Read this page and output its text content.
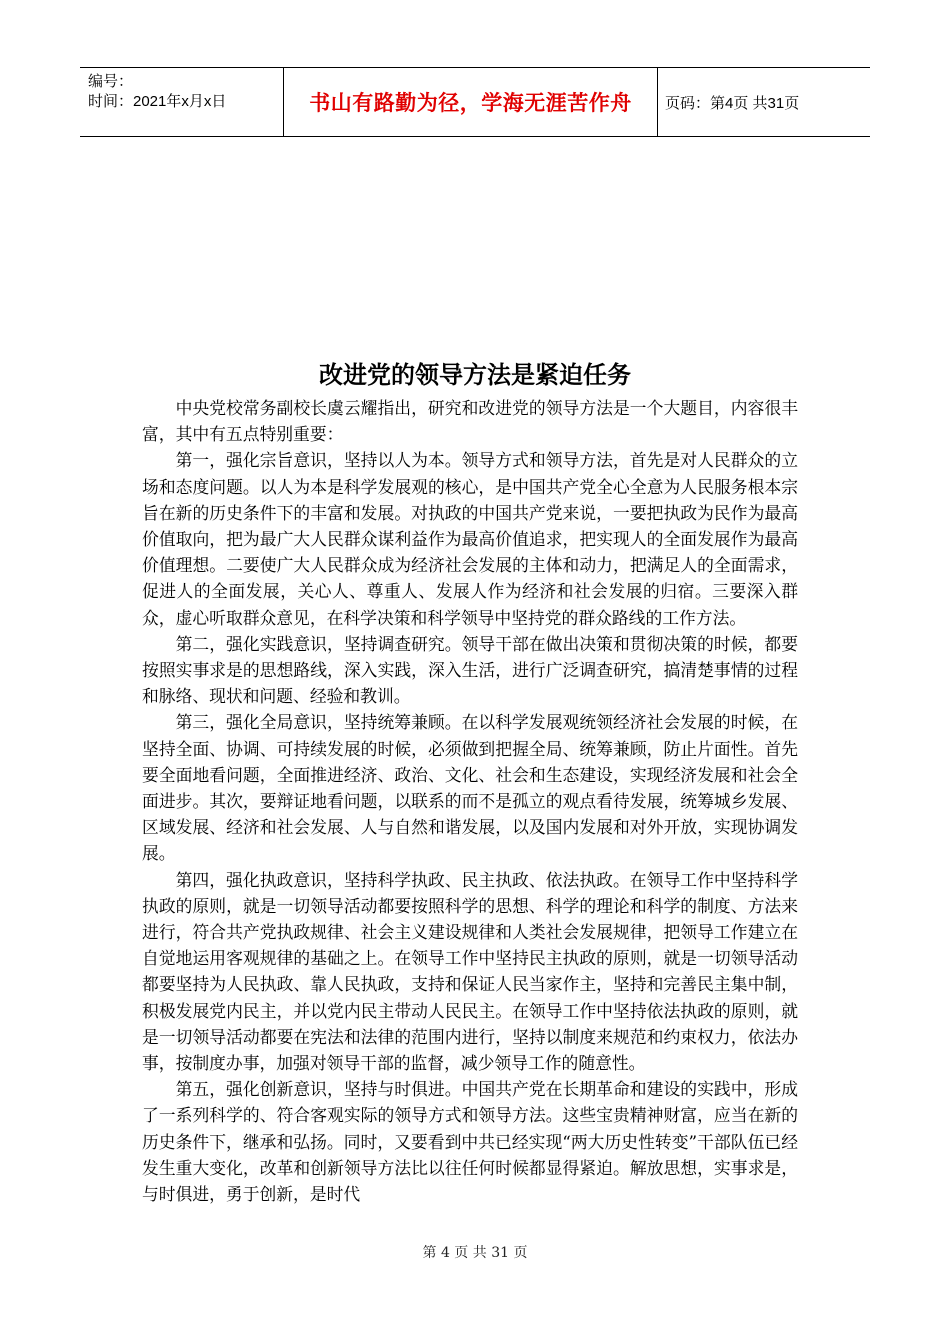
编号：
时间：2021年x月x日	书山有路勤为径，学海无涯苦作舟	页码：第4页 共31页
改进党的领导方法是紧迫任务

中央党校常务副校长虞云耀指出，研究和改进党的领导方法是一个大题目，内容很丰富，其中有五点特别重要：

第一，强化宗旨意识，坚持以人为本。领导方式和领导方法，首先是对人民群众的立场和态度问题。以人为本是科学发展观的核心，是中国共产党全心全意为人民服务根本宗旨在新的历史条件下的丰富和发展。对执政的中国共产党来说，一要把执政为民作为最高价值取向，把为最广大人民群众谋利益作为最高价值追求，把实现人的全面发展作为最高价值理想。二要使广大人民群众成为经济社会发展的主体和动力，把满足人的全面需求，促进人的全面发展，关心人、尊重人、发展人作为经济和社会发展的归宿。三要深入群众，虚心听取群众意见，在科学决策和科学领导中坚持党的群众路线的工作方法。

第二，强化实践意识，坚持调查研究。领导干部在做出决策和贯彻决策的时候，都要按照实事求是的思想路线，深入实践，深入生活，进行广泛调查研究，搞清楚事情的过程和脉络、现状和问题、经验和教训。

第三，强化全局意识，坚持统筹兼顾。在以科学发展观统领经济社会发展的时候，在坚持全面、协调、可持续发展的时候，必须做到把握全局、统筹兼顾，防止片面性。首先要全面地看问题，全面推进经济、政治、文化、社会和生态建设，实现经济发展和社会全面进步。其次，要辩证地看问题，以联系的而不是孤立的观点看待发展，统筹城乡发展、区域发展、经济和社会发展、人与自然和谐发展，以及国内发展和对外开放，实现协调发展。

第四，强化执政意识，坚持科学执政、民主执政、依法执政。在领导工作中坚持科学执政的原则，就是一切领导活动都要按照科学的思想、科学的理论和科学的制度、方法来进行，符合共产党执政规律、社会主义建设规律和人类社会发展规律，把领导工作建立在自觉地运用客观规律的基础之上。在领导工作中坚持民主执政的原则，就是一切领导活动都要坚持为人民执政、靠人民执政，支持和保证人民当家作主，坚持和完善民主集中制，积极发展党内民主，并以党内民主带动人民民主。在领导工作中坚持依法执政的原则，就是一切领导活动都要在宪法和法律的范围内进行，坚持以制度来规范和约束权力，依法办事，按制度办事，加强对领导干部的监督，减少领导工作的随意性。

第五，强化创新意识，坚持与时俱进。中国共产党在长期革命和建设的实践中，形成了一系列科学的、符合客观实际的领导方式和领导方法。这些宝贵精神财富，应当在新的历史条件下，继承和弘扬。同时，又要看到中共已经实现“两大历史性转变”干部队伍已经发生重大变化，改革和创新领导方法比以往任何时候都显得紧迫。解放思想，实事求是，与时俱进，勇于创新，是时代

第 4 页 共 31 页
